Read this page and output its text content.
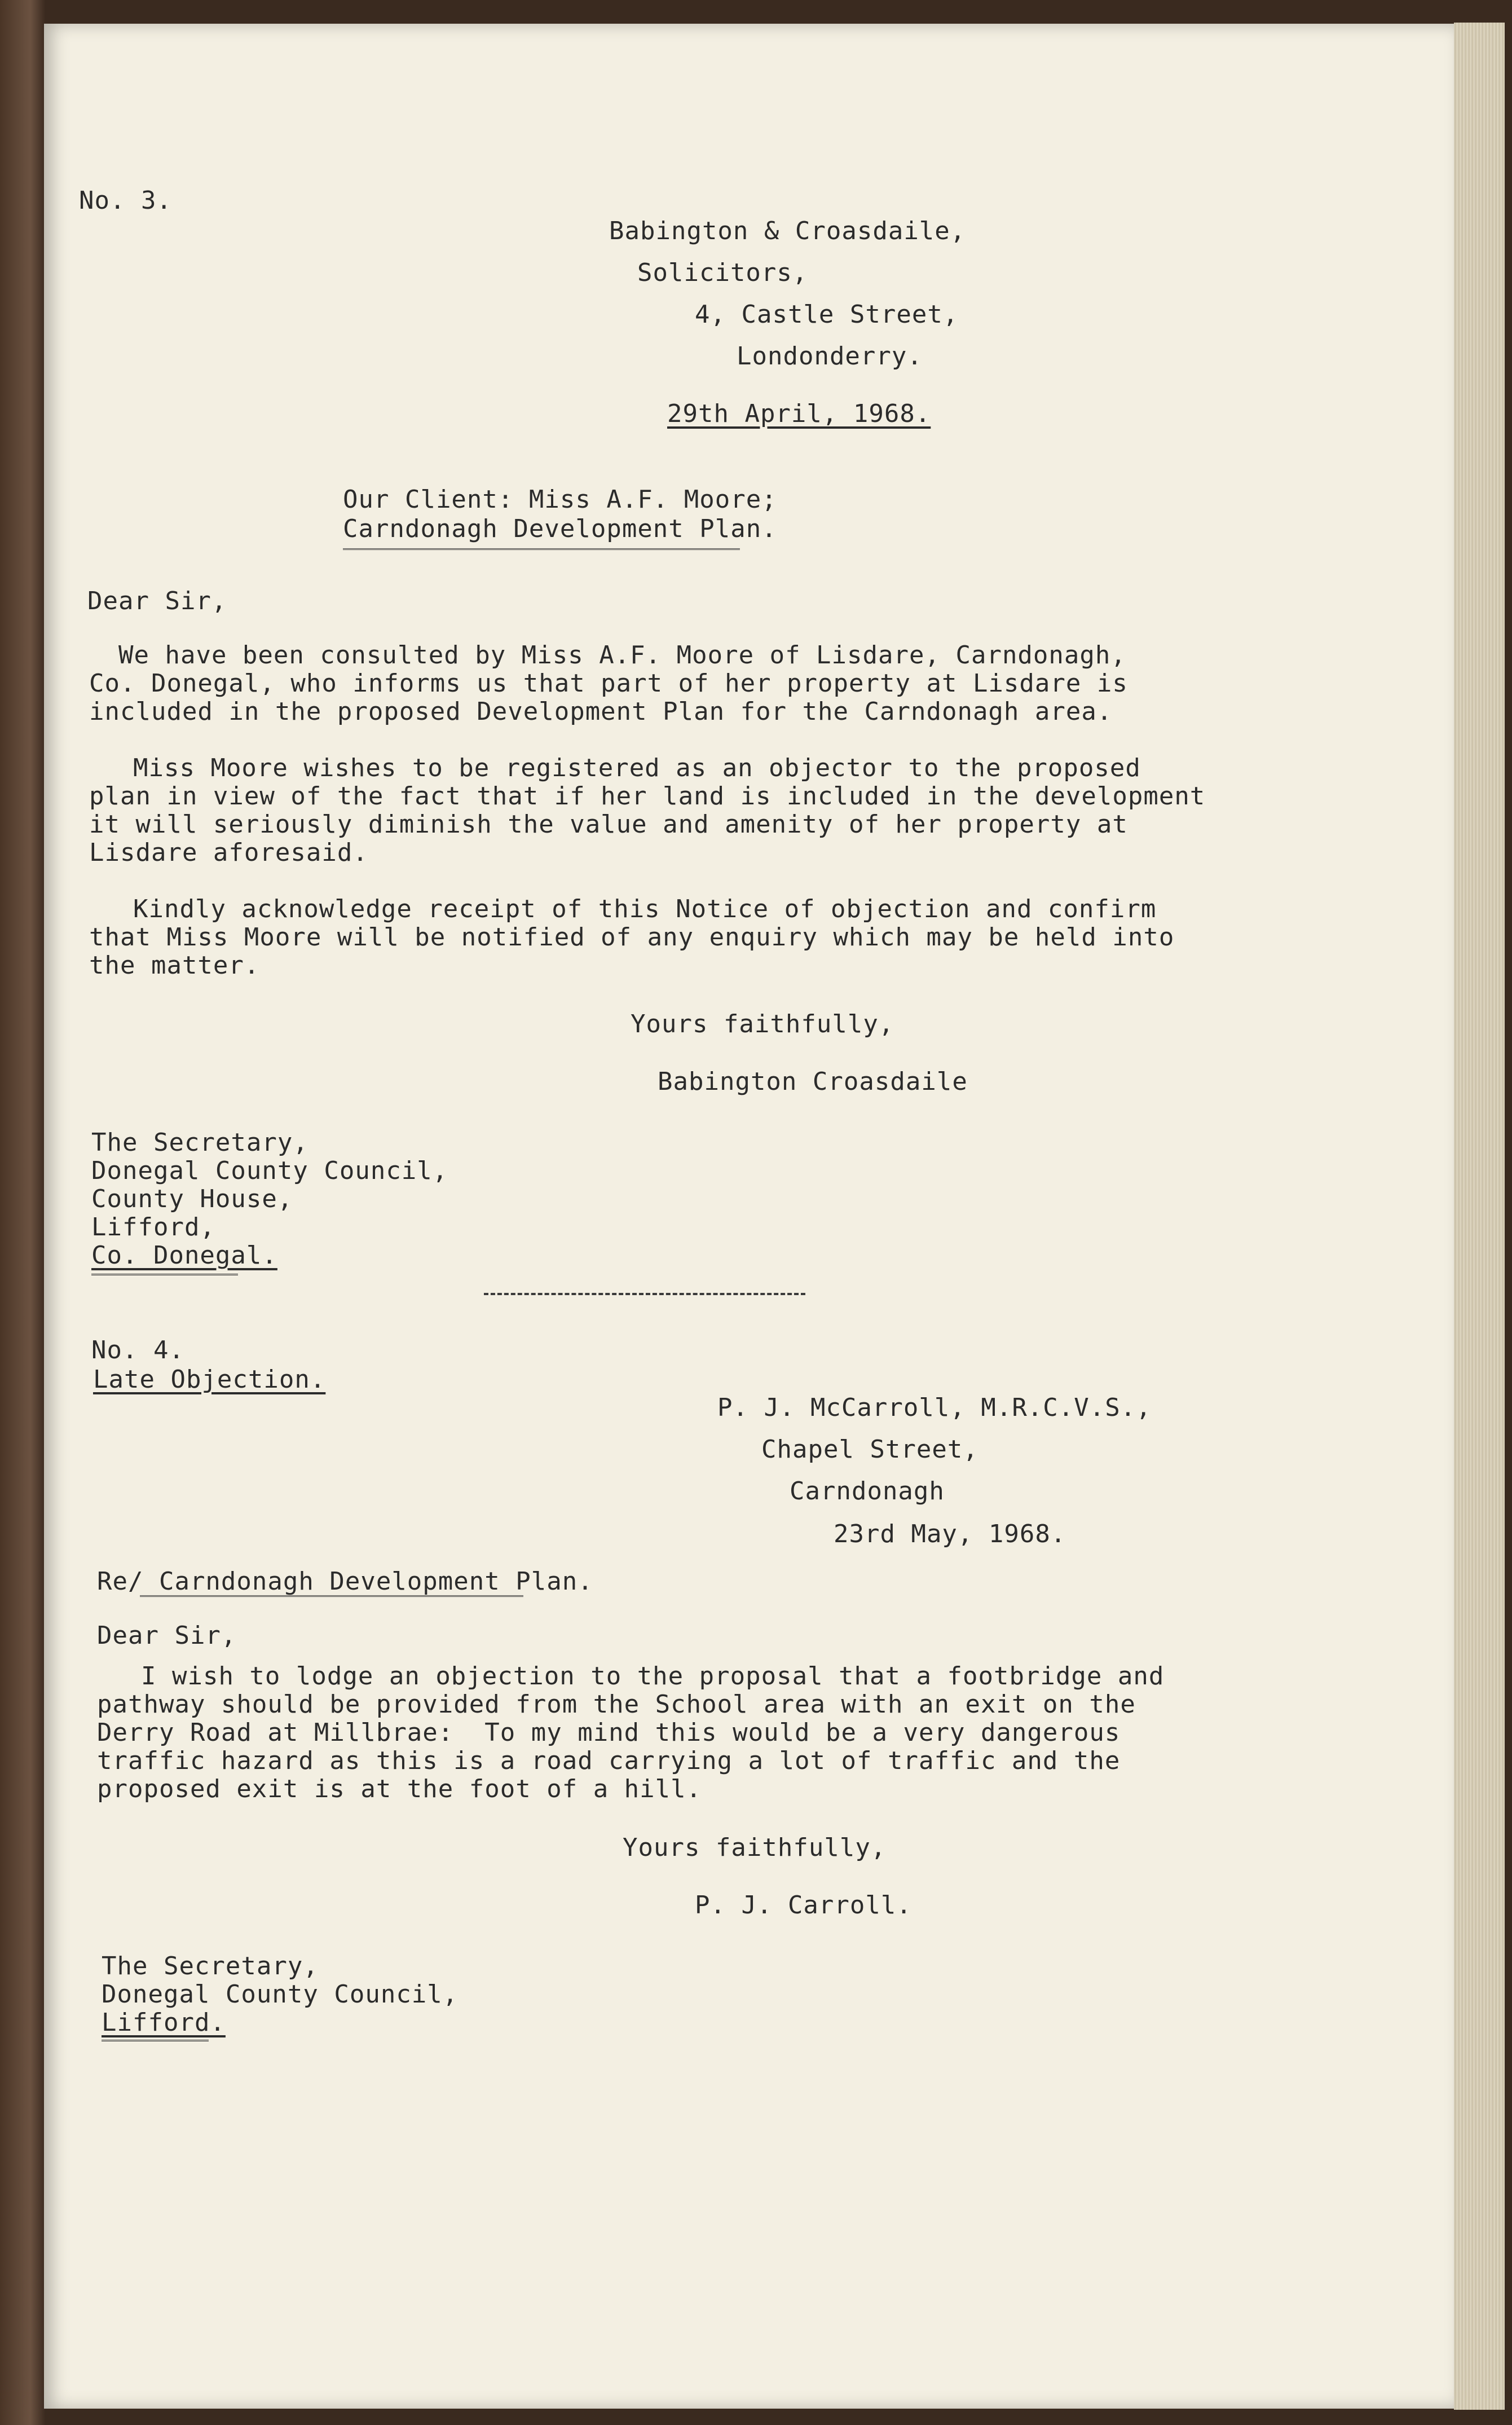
No. 3.
Babington & Croasdaile,
Solicitors,
4, Castle Street,
Londonderry.
29th April, 1968.
Our Client: Miss A.F. Moore;
Carndonagh Development Plan.
Dear Sir,
We have been consulted by Miss A.F. Moore of Lisdare, Carndonagh,
Co. Donegal, who informs us that part of her property at Lisdare is
included in the proposed Development Plan for the Carndonagh area.
Miss Moore wishes to be registered as an objector to the proposed
plan in view of the fact that if her land is included in the development
it will seriously diminish the value and amenity of her property at
Lisdare aforesaid.
Kindly acknowledge receipt of this Notice of objection and confirm
that Miss Moore will be notified of any enquiry which may be held into
the matter.
Yours faithfully,
Babington Croasdaile
The Secretary,
Donegal County Council,
County House,
Lifford,
Co. Donegal.
No. 4.
Late Objection.
P. J. McCarroll, M.R.C.V.S.,
Chapel Street,
Carndonagh
23rd May, 1968.
Re/ Carndonagh Development Plan.
Dear Sir,
I wish to lodge an objection to the proposal that a footbridge and
pathway should be provided from the School area with an exit on the
Derry Road at Millbrae:  To my mind this would be a very dangerous
traffic hazard as this is a road carrying a lot of traffic and the
proposed exit is at the foot of a hill.
Yours faithfully,
P. J. Carroll.
The Secretary,
Donegal County Council,
Lifford.
